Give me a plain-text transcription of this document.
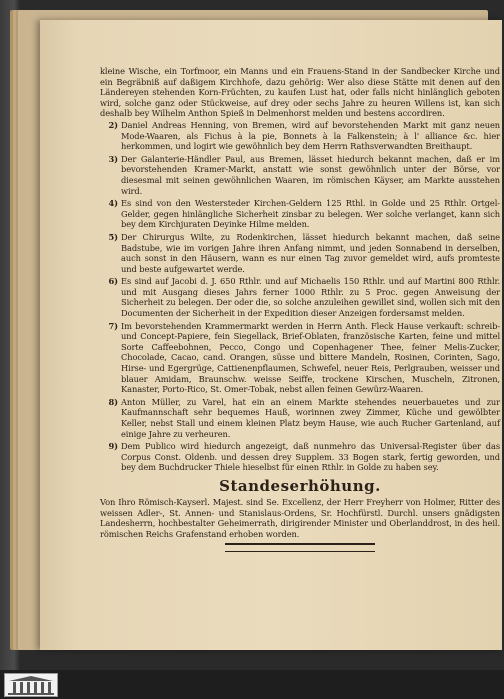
kleine Wische, ein Torfmoor, ein Manns und ein Frauens-Stand in der Sandbecker Kirche und ein Begräbniß auf daßigem Kirchhofe, dazu gehörig: Wer also diese Stätte mit denen auf den Ländereyen stehenden Korn-Früchten, zu kaufen Lust hat, oder falls nicht hinlänglich geboten wird, solche ganz oder Stückweise, auf drey oder sechs Jahre zu heuren Willens ist, kan sich deshalb bey Wilhelm Anthon Spieß in Delmenhorst melden und bestens accordiren.

2) Daniel Andreas Henning, von Bremen, wird auf bevorstehenden Markt mit ganz neuen Mode-Waaren, als Fichus à la pie, Bonnets à la Falkenstein; à l' alliance &c. hier herkommen, und logirt wie gewöhnlich bey dem Herrn Rathsverwandten Breithaupt.
3) Der Galanterie-Händler Paul, aus Bremen, lässet hiedurch bekannt machen, daß er im bevorstehenden Kramer-Markt, anstatt wie sonst gewöhnlich unter der Börse, vor diesesmal mit seinen gewöhnlichen Waaren, im römischen Käyser, am Markte ausstehen wird.
4) Es sind von den Westersteder Kirchen-Geldern 125 Rthl. in Golde und 25 Rthlr. Ortgel-Gelder, gegen hinlängliche Sicherheit zinsbar zu belegen. Wer solche verlanget, kann sich bey dem Kirchjuraten Deyinke Hilme melden.
5) Der Chirurgus Wilte, zu Rodenkirchen, lässet hiedurch bekannt machen, daß seine Badstube, wie im vorigen Jahre ihren Anfang nimmt, und jeden Sonnabend in derselben, auch sonst in den Häusern, wann es nur einen Tag zuvor gemeldet wird, aufs promteste und beste aufgewartet werde.
6) Es sind auf Jacobi d. J. 650 Rthlr. und auf Michaelis 150 Rthlr. und auf Martini 800 Rthlr. und mit Ausgang dieses Jahrs ferner 1000 Rthlr. zu 5 Proc. gegen Anweisung der Sicherheit zu belegen. Der oder die, so solche anzuleihen gewillet sind, wollen sich mit den Documenten der Sicherheit in der Expedition dieser Anzeigen fordersamst melden.
7) Im bevorstehenden Krammermarkt werden in Herrn Anth. Fleck Hause verkauft: schreib- und Concept-Papiere, fein Siegellack, Brief-Oblaten, französische Karten, feine und mittel Sorte Caffeebohnen, Pecco, Congo und Copenhagener Thee, feiner Melis-Zucker, Chocolade, Cacao, cand. Orangen, süsse und bittere Mandeln, Rosinen, Corinten, Sago, Hirse- und Egergrüge, Cattienenpflaumen, Schwefel, neuer Reis, Perlgrauben, weisser und blauer Amidam, Braunschw. weisse Seiffe, trockene Kirschen, Muscheln, Zitronen, Kanaster, Porto-Rico, St. Omer-Tobak, nebst allen feinen Gewürz-Waaren.
8) Anton Müller, zu Varel, hat ein an einem Markte stehendes neuerbauetes und zur Kaufmannschaft sehr bequemes Hauß, worinnen zwey Zimmer, Küche und gewölbter Keller, nebst Stall und einem kleinen Platz beym Hause, wie auch Rucher Gartenland, auf einige Jahre zu verheuren.
9) Dem Publico wird hiedurch angezeigt, daß nunmehro das Universal-Register über das Corpus Const. Oldenb. und dessen drey Supplem. 33 Bogen stark, fertig geworden, und bey dem Buchdrucker Thiele hieselbst für einen Rthlr. in Golde zu haben sey.
Standeserhöhung.

Von Ihro Römisch-Kayserl. Majest. sind Se. Excellenz, der Herr Freyherr von Holmer, Ritter des weissen Adler-, St. Annen- und Stanislaus-Ordens, Sr. Hochfürstl. Durchl. unsers gnädigsten Landesherrn, hochbestalter Geheimerrath, dirigirender Minister und Oberlanddrost, in des heil. römischen Reichs Grafenstand erhoben worden.
